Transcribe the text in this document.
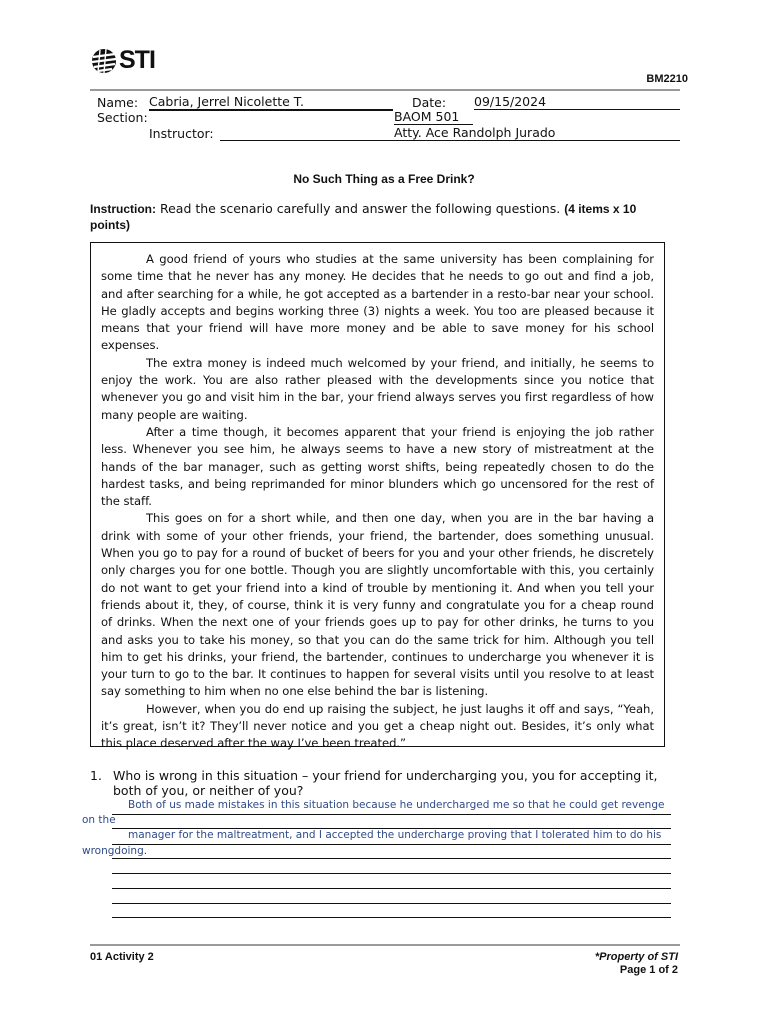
STI
BM2210
Name: Cabria, Jerrel Nicolette T.	Date: 09/15/2024
Section:	BAOM 501
Instructor:	Atty. Ace Randolph Jurado
No Such Thing as a Free Drink?
Instruction: Read the scenario carefully and answer the following questions. (4 items x 10 points)

A good friend of yours who studies at the same university has been complaining for some time that he never has any money. He decides that he needs to go out and find a job, and after searching for a while, he got accepted as a bartender in a resto-bar near your school. He gladly accepts and begins working three (3) nights a week. You too are pleased because it means that your friend will have more money and be able to save money for his school expenses.

The extra money is indeed much welcomed by your friend, and initially, he seems to enjoy the work. You are also rather pleased with the developments since you notice that whenever you go and visit him in the bar, your friend always serves you first regardless of how many people are waiting.

After a time though, it becomes apparent that your friend is enjoying the job rather less. Whenever you see him, he always seems to have a new story of mistreatment at the hands of the bar manager, such as getting worst shifts, being repeatedly chosen to do the hardest tasks, and being reprimanded for minor blunders which go uncensored for the rest of the staff.

This goes on for a short while, and then one day, when you are in the bar having a drink with some of your other friends, your friend, the bartender, does something unusual. When you go to pay for a round of bucket of beers for you and your other friends, he discretely only charges you for one bottle. Though you are slightly uncomfortable with this, you certainly do not want to get your friend into a kind of trouble by mentioning it. And when you tell your friends about it, they, of course, think it is very funny and congratulate you for a cheap round of drinks. When the next one of your friends goes up to pay for other drinks, he turns to you and asks you to take his money, so that you can do the same trick for him. Although you tell him to get his drinks, your friend, the bartender, continues to undercharge you whenever it is your turn to go to the bar. It continues to happen for several visits until you resolve to at least say something to him when no one else behind the bar is listening.

However, when you do end up raising the subject, he just laughs it off and says, “Yeah, it’s great, isn’t it? They’ll never notice and you get a cheap night out. Besides, it’s only what this place deserved after the way I’ve been treated.”

1. Who is wrong in this situation – your friend for undercharging you, you for accepting it, both of you, or neither of you?
Both of us made mistakes in this situation because he undercharged me so that he could get revenge
on the
manager for the maltreatment, and I accepted the undercharge proving that I tolerated him to do his
wrongdoing.
01 Activity 2	*Property of STI
Page 1 of 2
